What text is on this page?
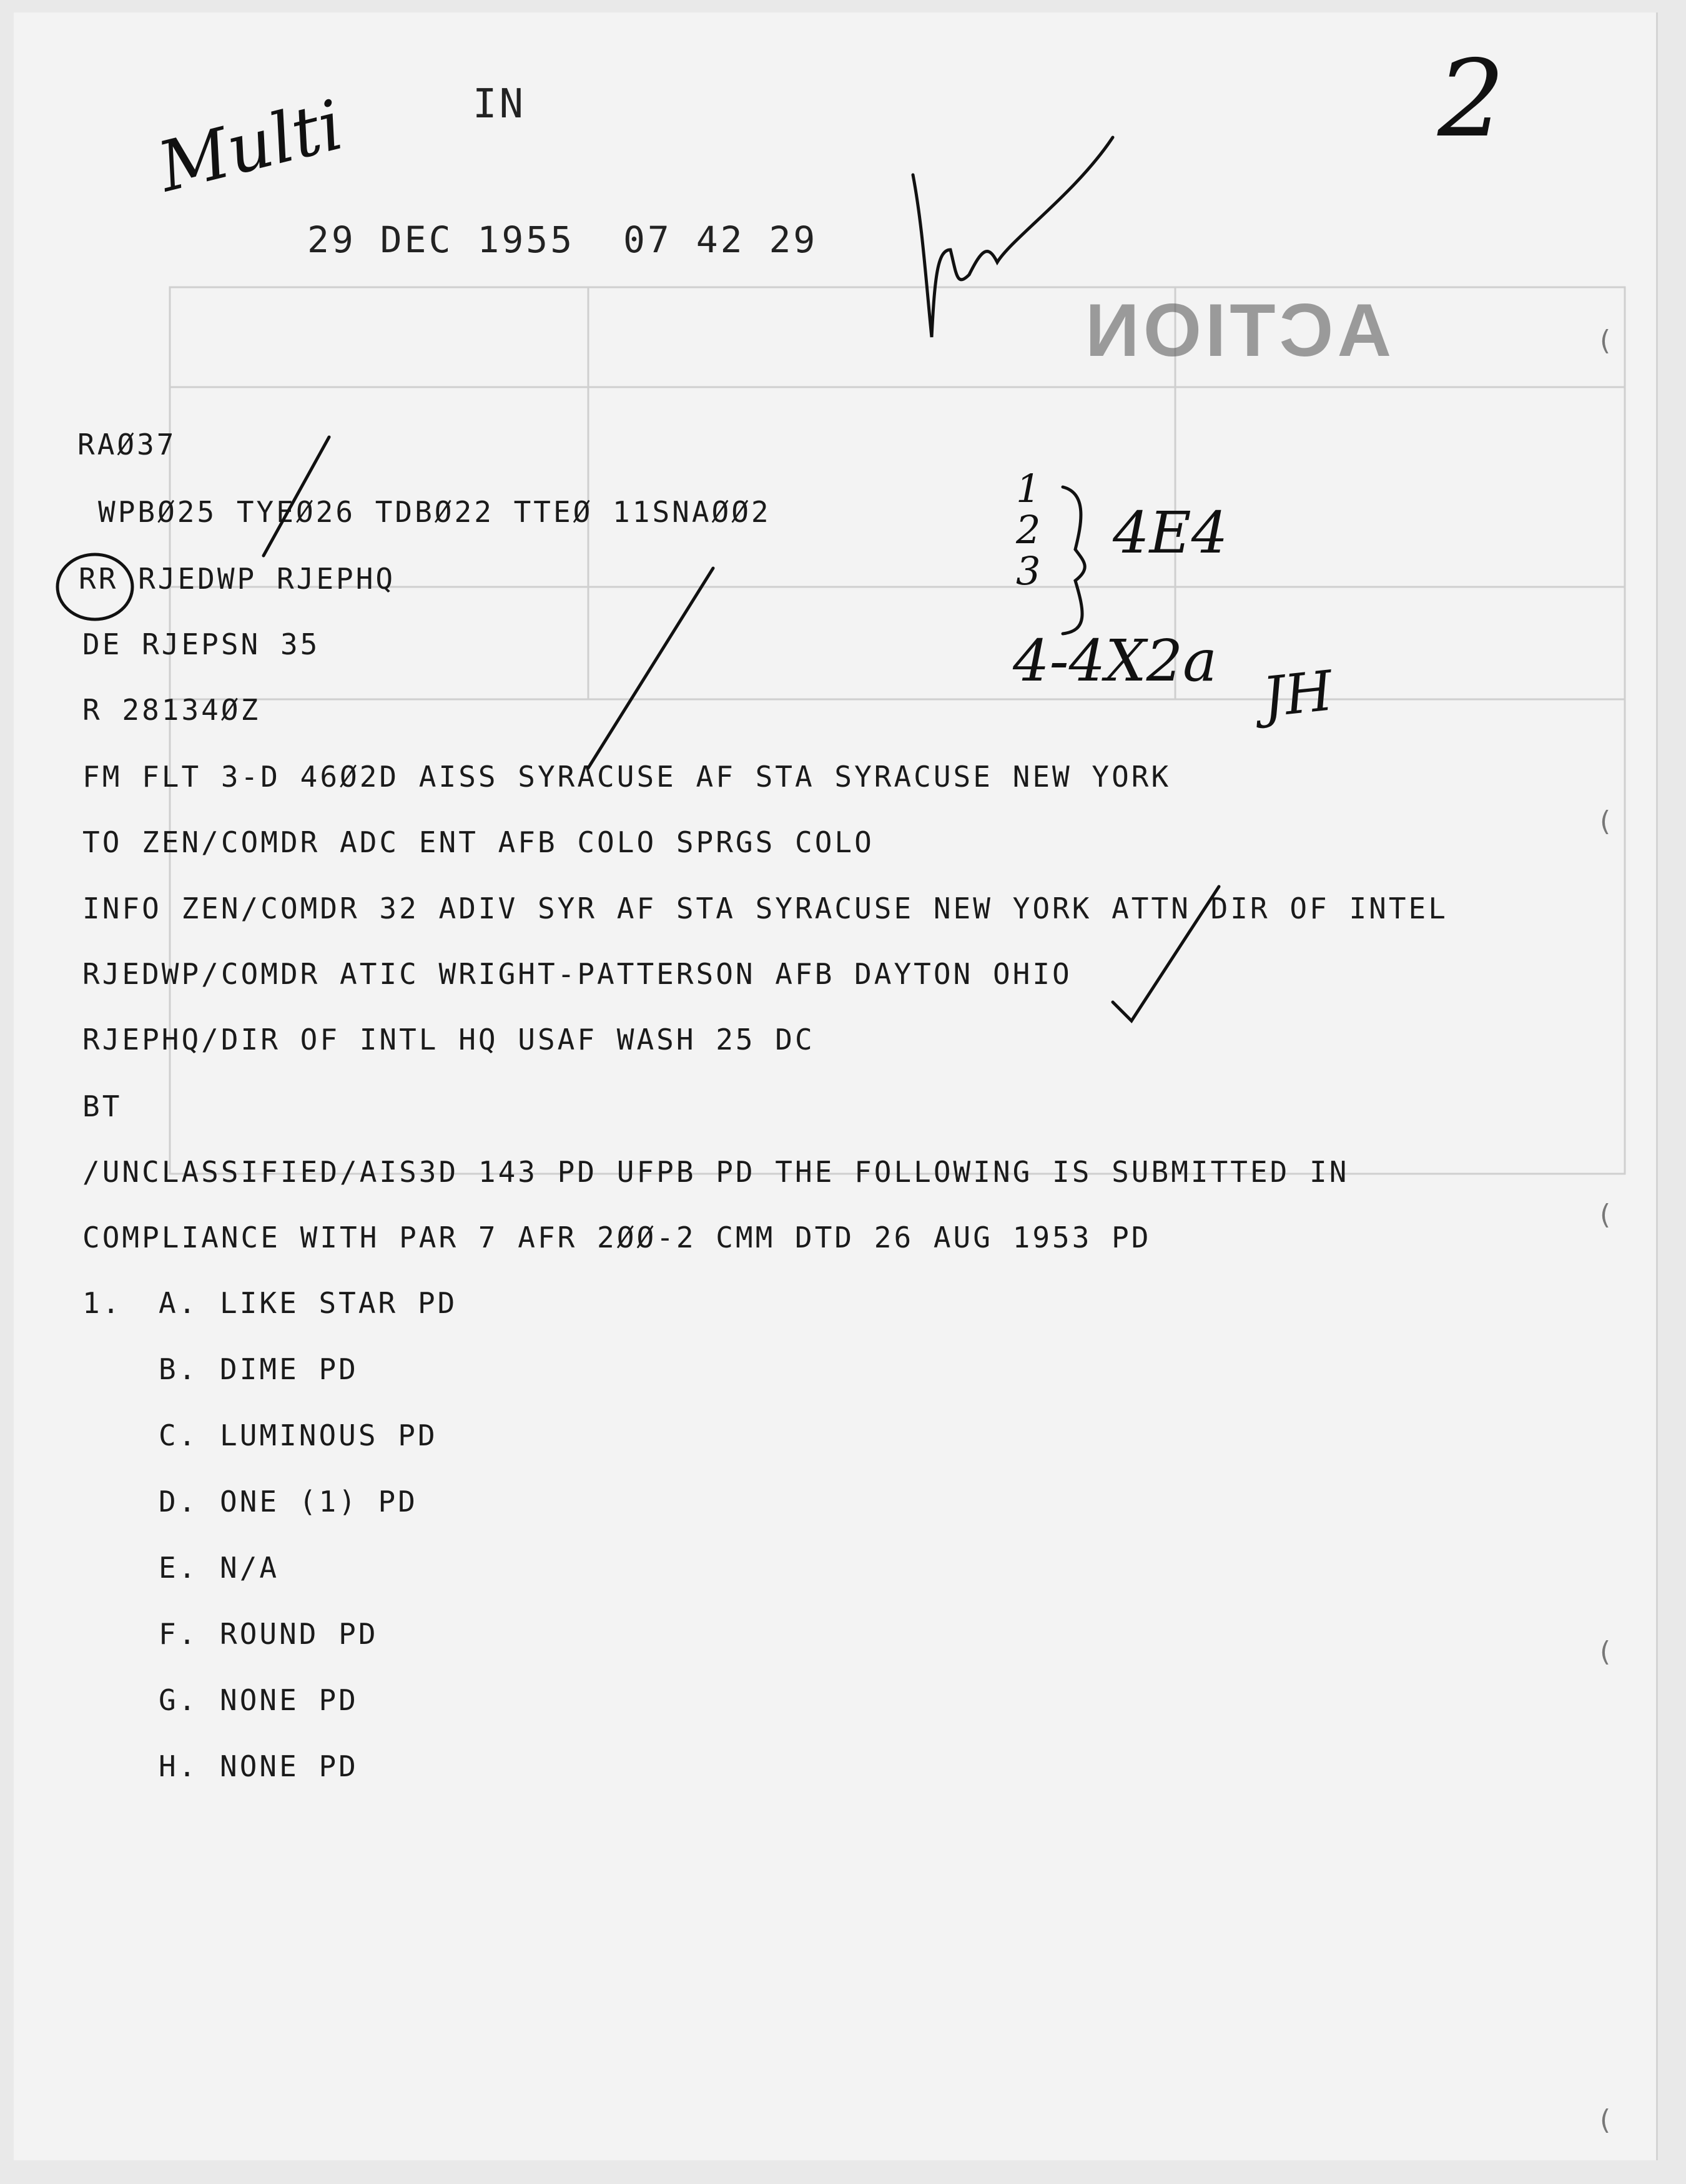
ACTION
Multi	2
1
2
3
4E4
4-4X2a JH
IN
29 DEC 1955  07 42 29
RAØ37
WPBØ25 TYEØ26 TDBØ22 TTEØ 11SNAØØ2
RR RJEDWP RJEPHQ
DE RJEPSN 35
R 28134ØZ
FM FLT 3-D 46Ø2D AISS SYRACUSE AF STA SYRACUSE NEW YORK
TO ZEN/COMDR ADC ENT AFB COLO SPRGS COLO
INFO ZEN/COMDR 32 ADIV SYR AF STA SYRACUSE NEW YORK ATTN DIR OF INTEL
RJEDWP/COMDR ATIC WRIGHT-PATTERSON AFB DAYTON OHIO
RJEPHQ/DIR OF INTL HQ USAF WASH 25 DC
BT
/UNCLASSIFIED/AIS3D 143 PD UFPB PD THE FOLLOWING IS SUBMITTED IN
COMPLIANCE WITH PAR 7 AFR 2ØØ-2 CMM DTD 26 AUG 1953 PD
1. A. LIKE STAR PD
B. DIME PD
C. LUMINOUS PD
D. ONE (1) PD
E. N/A
F. ROUND PD
G. NONE PD
H. NONE PD
(
(
(
(
(
